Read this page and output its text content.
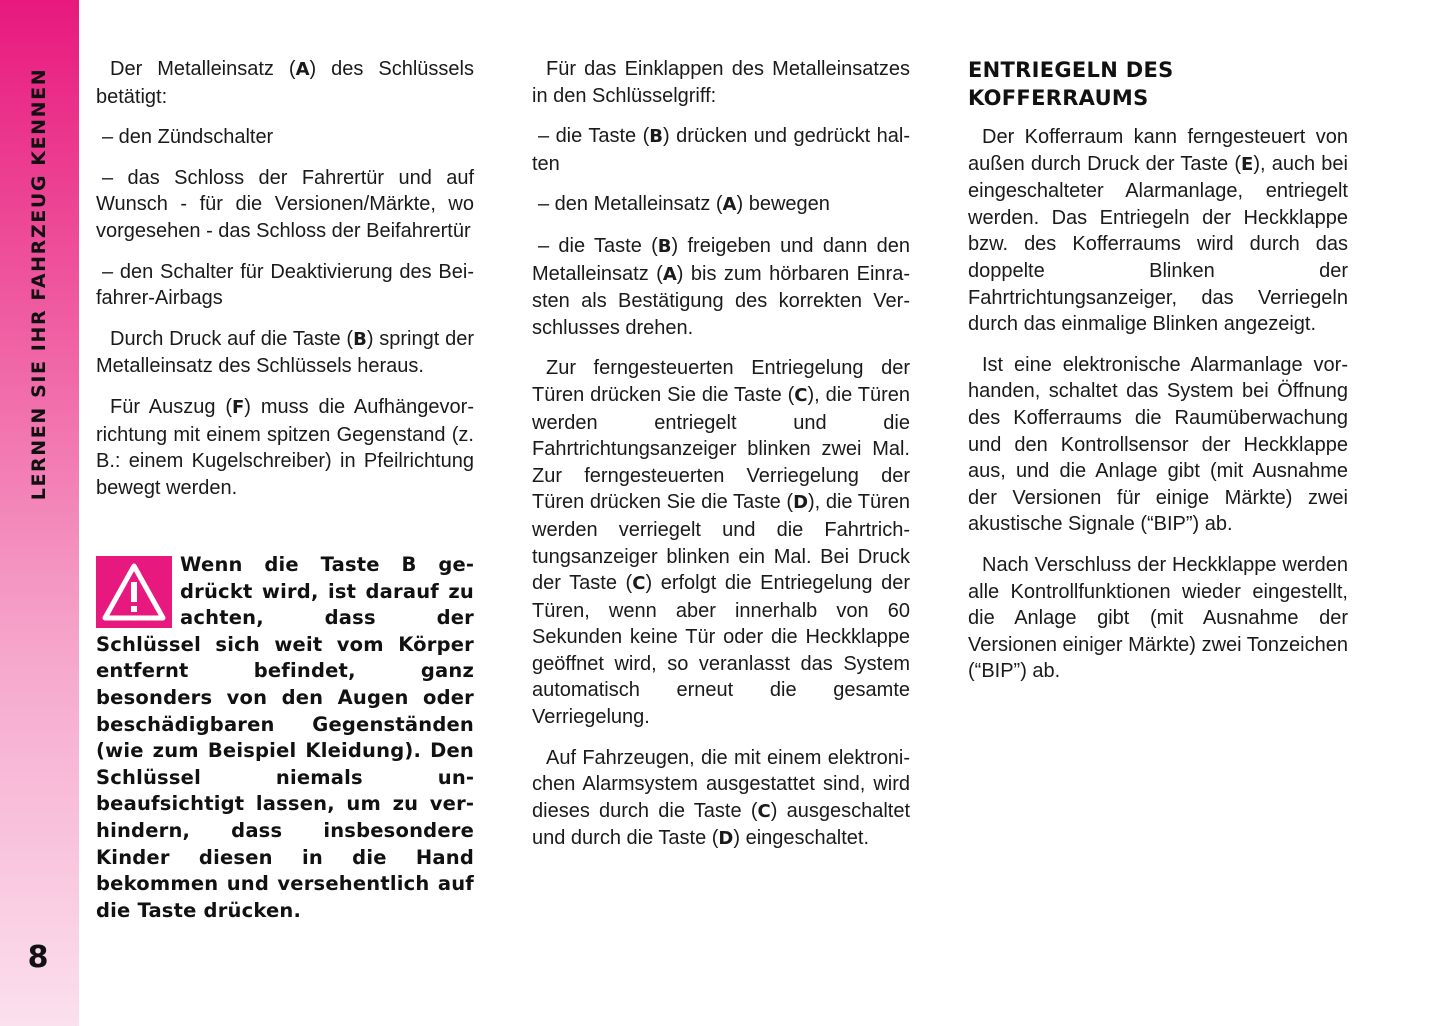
LERNEN SIE IHR FAHRZEUG KENNEN
8

Der Metalleinsatz (A) des Schlüssels betätigt:

– den Zündschalter

– das Schloss der Fahrertür und auf Wunsch - für die Versionen/Märkte, wo vorgesehen - das Schloss der Beifahrertür

– den Schalter für Deaktivierung des Beifahrer-Airbags

Durch Druck auf die Taste (B) springt der Metalleinsatz des Schlüssels heraus.

Für Auszug (F) muss die Aufhängevorrichtung mit einem spitzen Gegenstand (z. B.: einem Kugelschreiber) in Pfeilrichtung bewegt werden.

Wenn die Taste B gedrückt wird, ist darauf zu achten, dass der Schlüssel sich weit vom Körper entfernt befindet, ganz besonders von den Augen oder beschädigbaren Gegenständen (wie zum Beispiel Kleidung). Den Schlüssel niemals unbeaufsichtigt lassen, um zu verhindern, dass insbesondere Kinder diesen in die Hand bekommen und versehentlich auf die Taste drücken.

Für das Einklappen des Metalleinsatzes in den Schlüsselgriff:

– die Taste (B) drücken und gedrückt halten

– den Metalleinsatz (A) bewegen

– die Taste (B) freigeben und dann den Metalleinsatz (A) bis zum hörbaren Einrasten als Bestätigung des korrekten Verschlusses drehen.

Zur ferngesteuerten Entriegelung der Türen drücken Sie die Taste (C), die Türen werden entriegelt und die Fahrtrichtungsanzeiger blinken zwei Mal. Zur ferngesteuerten Verriegelung der Türen drücken Sie die Taste (D), die Türen werden verriegelt und die Fahrtrichtungsanzeiger blinken ein Mal. Bei Druck der Taste (C) erfolgt die Entriegelung der Türen, wenn aber innerhalb von 60 Sekunden keine Tür oder die Heckklappe geöffnet wird, so veranlasst das System automatisch erneut die gesamte Verriegelung.

Auf Fahrzeugen, die mit einem elektronichen Alarmsystem ausgestattet sind, wird dieses durch die Taste (C) ausgeschaltet und durch die Taste (D) eingeschaltet.

ENTRIEGELN DES
KOFFERRAUMS

Der Kofferraum kann ferngesteuert von außen durch Druck der Taste (E), auch bei eingeschalteter Alarmanlage, entriegelt werden. Das Entriegeln der Heckklappe bzw. des Kofferraums wird durch das doppelte Blinken der Fahrtrichtungsanzeiger, das Verriegeln durch das einmalige Blinken angezeigt.

Ist eine elektronische Alarmanlage vorhanden, schaltet das System bei Öffnung des Kofferraums die Raumüberwachung und den Kontrollsensor der Heckklappe aus, und die Anlage gibt (mit Ausnahme der Versionen für einige Märkte) zwei akustische Signale (“BIP”) ab.

Nach Verschluss der Heckklappe werden alle Kontrollfunktionen wieder eingestellt, die Anlage gibt (mit Ausnahme der Versionen einiger Märkte) zwei Tonzeichen (“BIP”) ab.
